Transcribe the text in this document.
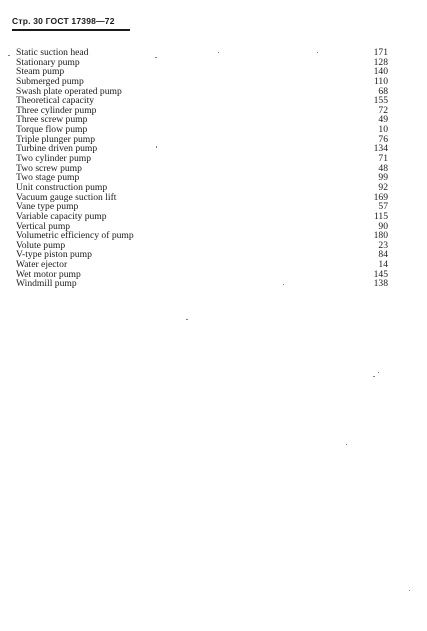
Стр. 30 ГОСТ 17398—72
Static suction head	171
Stationary pump	128
Steam pump	140
Submerged pump	110
Swash plate operated pump	68
Theoretical capacity	155
Three cylinder pump	72
Three screw pump	49
Torque flow pump	10
Triple plunger pump	76
Turbine driven pump	134
Two cylinder pump	71
Two screw pump	48
Two stage pump	99
Unit construction pump	92
Vacuum gauge suction lift	169
Vane type pump	57
Variable capacity pump	115
Vertical pump	90
Volumetric efficiency of pump	180
Volute pump	23
V-type piston pump	84
Water ejector	14
Wet motor pump	145
Windmill pump	138
